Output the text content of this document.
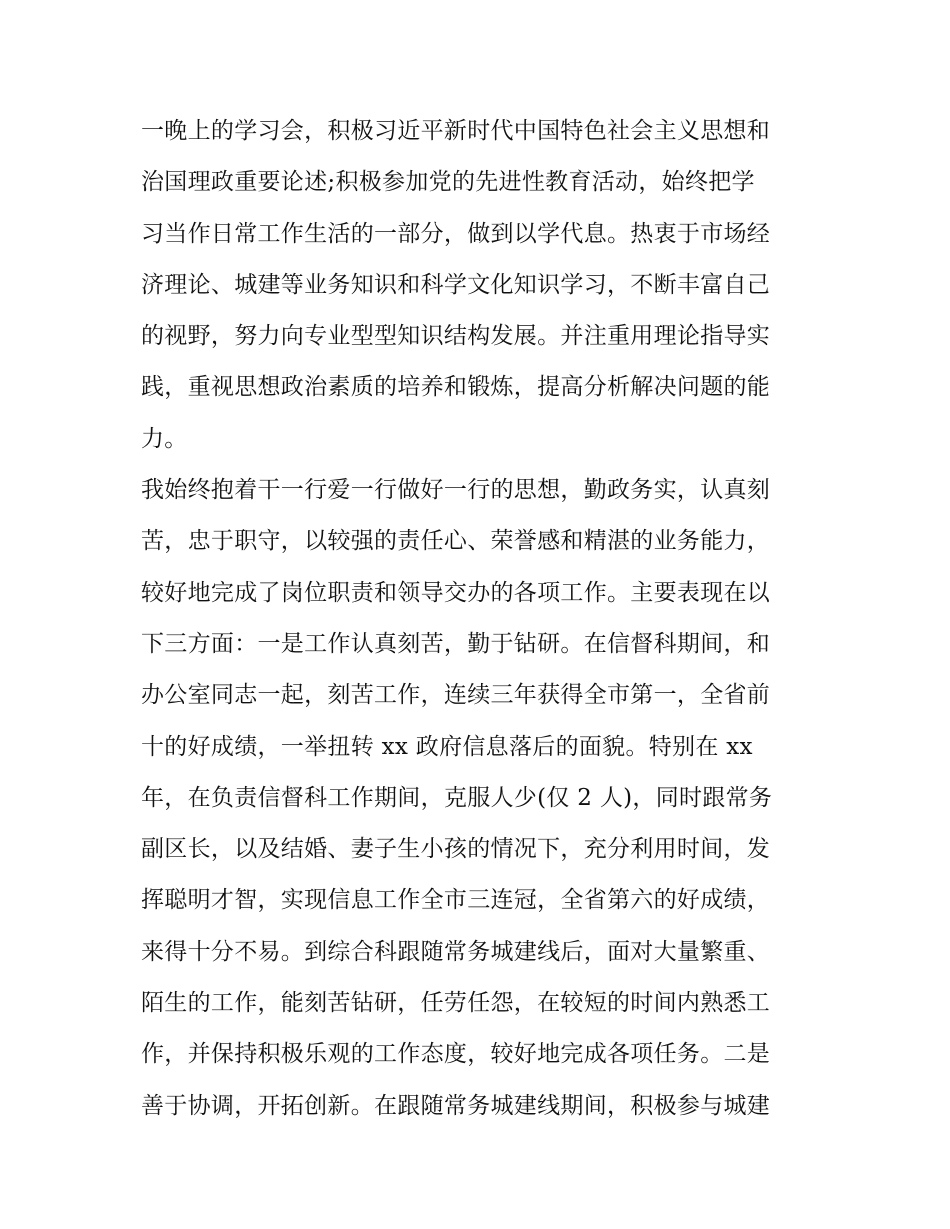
一晚上的学习会，积极习近平新时代中国特色社会主义思想和
治国理政重要论述;积极参加党的先进性教育活动，始终把学
习当作日常工作生活的一部分，做到以学代息。热衷于市场经
济理论、城建等业务知识和科学文化知识学习，不断丰富自己
的视野，努力向专业型型知识结构发展。并注重用理论指导实
践，重视思想政治素质的培养和锻炼，提高分析解决问题的能
力。
我始终抱着干一行爱一行做好一行的思想，勤政务实，认真刻
苦，忠于职守，以较强的责任心、荣誉感和精湛的业务能力，
较好地完成了岗位职责和领导交办的各项工作。主要表现在以
下三方面：一是工作认真刻苦，勤于钻研。在信督科期间，和
办公室同志一起，刻苦工作，连续三年获得全市第一，全省前
十的好成绩，一举扭转 xx 政府信息落后的面貌。特别在 xx
年，在负责信督科工作期间，克服人少(仅 2 人)，同时跟常务
副区长，以及结婚、妻子生小孩的情况下，充分利用时间，发
挥聪明才智，实现信息工作全市三连冠，全省第六的好成绩，
来得十分不易。到综合科跟随常务城建线后，面对大量繁重、
陌生的工作，能刻苦钻研，任劳任怨，在较短的时间内熟悉工
作，并保持积极乐观的工作态度，较好地完成各项任务。二是
善于协调，开拓创新。在跟随常务城建线期间，积极参与城建
